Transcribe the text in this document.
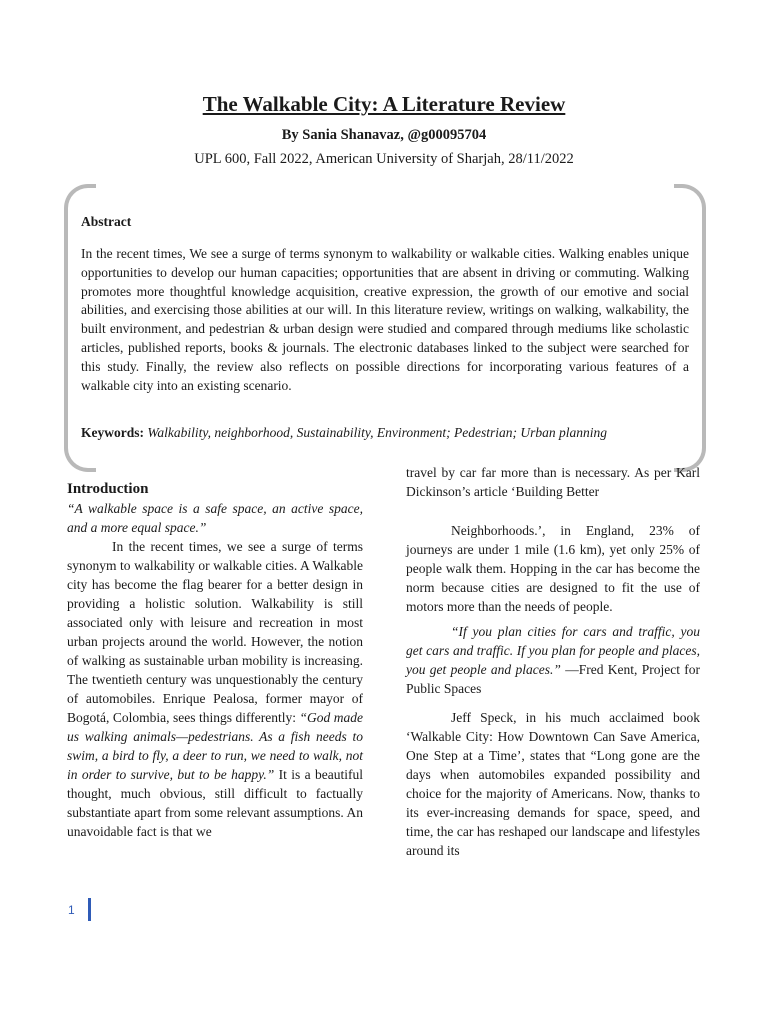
The Walkable City: A Literature Review
By Sania Shanavaz, @g00095704
UPL 600, Fall 2022, American University of Sharjah, 28/11/2022
Abstract
In the recent times, We see a surge of terms synonym to walkability or walkable cities. Walking enables unique opportunities to develop our human capacities; opportunities that are absent in driving or commuting. Walking promotes more thoughtful knowledge acquisition, creative expression, the growth of our emotive and social abilities, and exercising those abilities at our will. In this literature review, writings on walking, walkability, the built environment, and pedestrian & urban design were studied and compared through mediums like scholastic articles, published reports, books & journals. The electronic databases linked to the subject were searched for this study. Finally, the review also reflects on possible directions for incorporating various features of a walkable city into an existing scenario.
Keywords: Walkability, neighborhood, Sustainability, Environment; Pedestrian; Urban planning

Introduction

“A walkable space is a safe space, an active space, and a more equal space.”

In the recent times, we see a surge of terms synonym to walkability or walkable cities. A Walkable city has become the flag bearer for a better design in providing a holistic solution. Walkability is still associated only with leisure and recreation in most urban projects around the world. However, the notion of walking as sustainable urban mobility is increasing. The twentieth century was unquestionably the century of automobiles. Enrique Pealosa, former mayor of Bogotá, Colombia, sees things differently: “God made us walking animals—pedestrians. As a fish needs to swim, a bird to fly, a deer to run, we need to walk, not in order to survive, but to be happy.” It is a beautiful thought, much obvious, still difficult to factually substantiate apart from some relevant assumptions. An unavoidable fact is that we

travel by car far more than is necessary. As per Karl Dickinson’s article ‘Building Better

Neighborhoods.’, in England, 23% of journeys are under 1 mile (1.6 km), yet only 25% of people walk them. Hopping in the car has become the norm because cities are designed to fit the use of motors more than the needs of people.

“If you plan cities for cars and traffic, you get cars and traffic. If you plan for people and places, you get people and places.” —Fred Kent, Project for Public Spaces

Jeff Speck, in his much acclaimed book ‘Walkable City: How Downtown Can Save America, One Step at a Time’, states that “Long gone are the days when automobiles expanded possibility and choice for the majority of Americans. Now, thanks to its ever-increasing demands for space, speed, and time, the car has reshaped our landscape and lifestyles around its

1
